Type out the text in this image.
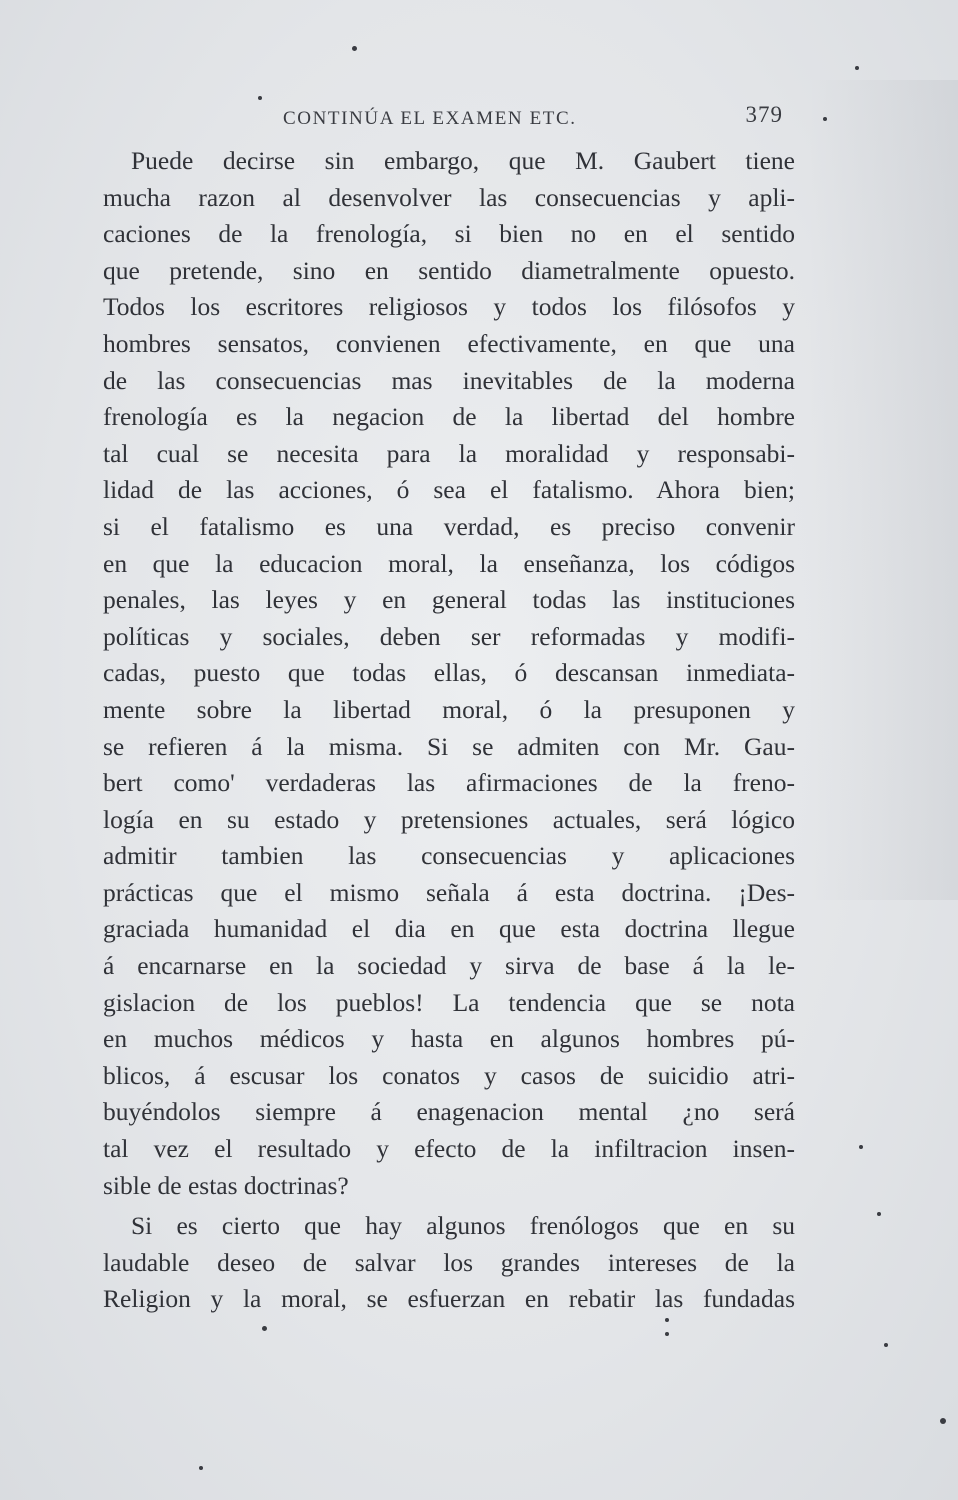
CONTINÚA EL EXAMEN ETC.	379
Puede decirse sin embargo, que M. Gaubert tiene
mucha razon al desenvolver las consecuencias y apli-
caciones de la frenología, si bien no en el sentido
que pretende, sino en sentido diametralmente opuesto.
Todos los escritores religiosos y todos los filósofos y
hombres sensatos, convienen efectivamente, en que una
de las consecuencias mas inevitables de la moderna
frenología es la negacion de la libertad del hombre
tal cual se necesita para la moralidad y responsabi-
lidad de las acciones, ó sea el fatalismo. Ahora bien;
si el fatalismo es una verdad, es preciso convenir
en que la educacion moral, la enseñanza, los códigos
penales, las leyes y en general todas las instituciones
políticas y sociales, deben ser reformadas y modifi-
cadas, puesto que todas ellas, ó descansan inmediata-
mente sobre la libertad moral, ó la presuponen y
se refieren á la misma. Si se admiten con Mr. Gau-
bert como' verdaderas las afirmaciones de la freno-
logía en su estado y pretensiones actuales, será lógico
admitir tambien las consecuencias y aplicaciones
prácticas que el mismo señala á esta doctrina. ¡Des-
graciada humanidad el dia en que esta doctrina llegue
á encarnarse en la sociedad y sirva de base á la le-
gislacion de los pueblos! La tendencia que se nota
en muchos médicos y hasta en algunos hombres pú-
blicos, á escusar los conatos y casos de suicidio atri-
buyéndolos siempre á enagenacion mental ¿no será
tal vez el resultado y efecto de la infiltracion insen-
sible de estas doctrinas?
Si es cierto que hay algunos frenólogos que en su
laudable deseo de salvar los grandes intereses de la
Religion y la moral, se esfuerzan en rebatir las fundadas
